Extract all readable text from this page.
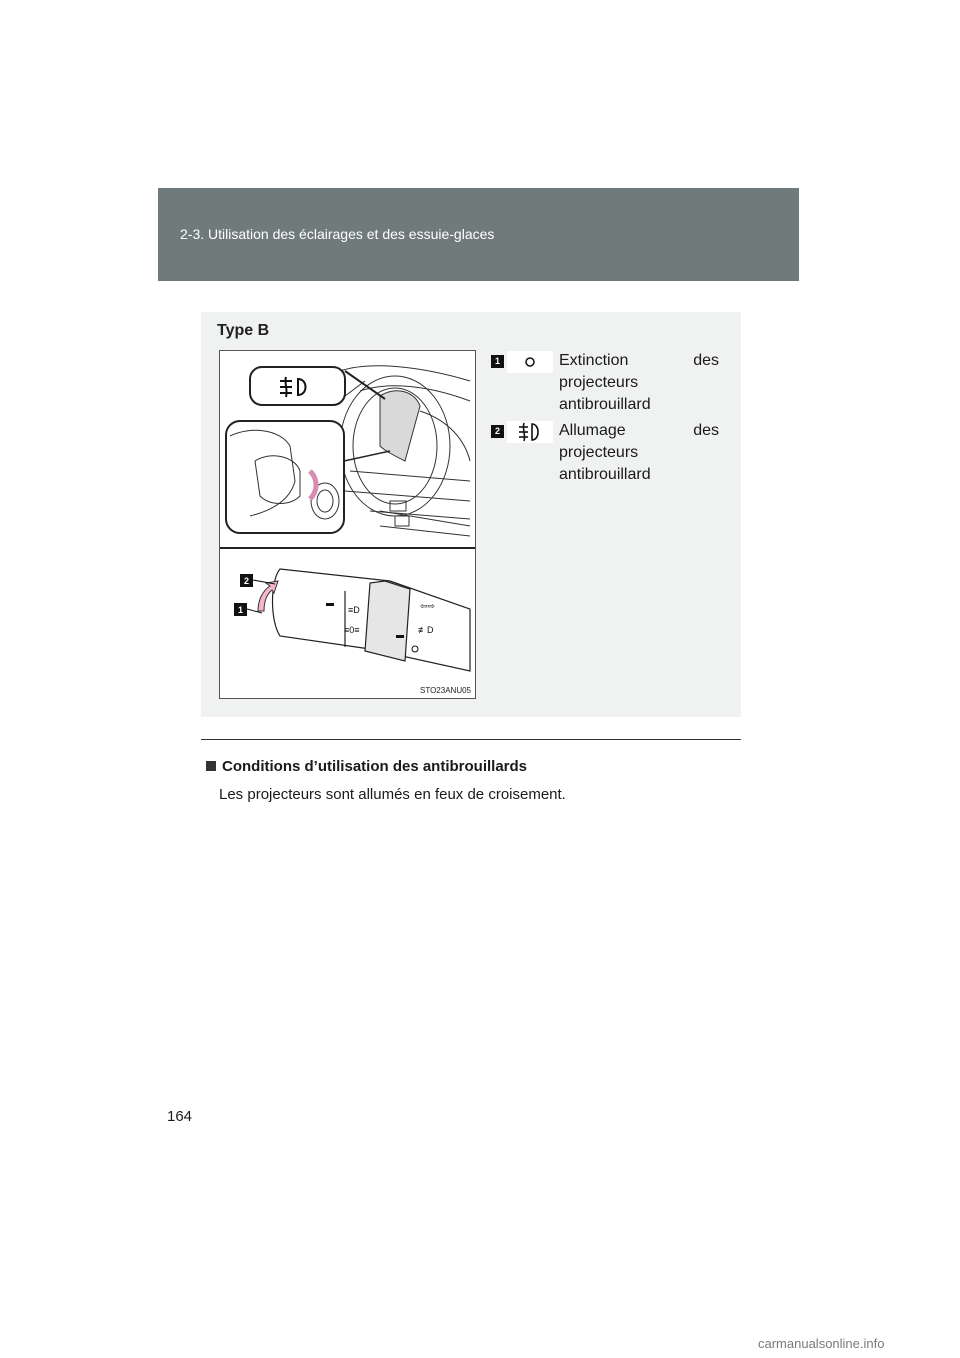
2-3. Utilisation des éclairages et des essuie-glaces
Type B
≡D
≡0≡	≢D
⇦⇨
2
1
STO23ANU05
1	Extinction	des
projecteurs
antibrouillard
2	Allumage	des
projecteurs
antibrouillard
Conditions d’utilisation des antibrouillards
Les projecteurs sont allumés en feux de croisement.
164
carmanualsonline.info
